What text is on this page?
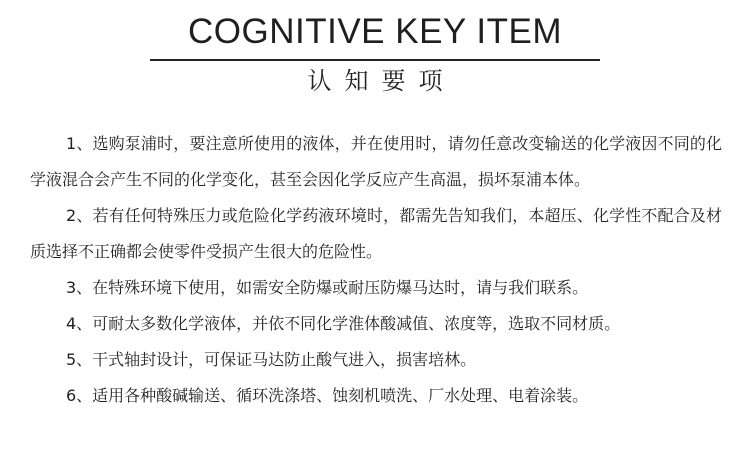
COGNITIVE KEY ITEM
认知要项

1、选购泵浦时，要注意所使用的液体，并在使用时，请勿任意改变输送的化学液因不同的化学液混合会产生不同的化学变化，甚至会因化学反应产生高温，损坏泵浦本体。

2、若有任何特殊压力或危险化学药液环境时，都需先告知我们，本超压、化学性不配合及材质选择不正确都会使零件受损产生很大的危险性。

3、在特殊环境下使用，如需安全防爆或耐压防爆马达时，请与我们联系。

4、可耐太多数化学液体，并依不同化学淮体酸减值、浓度等，选取不同材质。

5、干式轴封设计，可保证马达防止酸气进入，损害培林。

6、适用各种酸碱输送、循环洗涤塔、蚀刻机喷洗、厂水处理、电着涂装。
